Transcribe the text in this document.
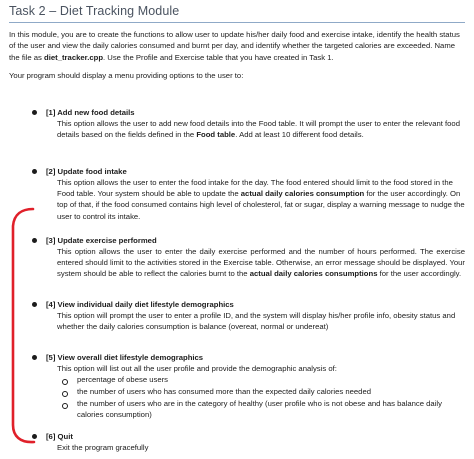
Task 2 – Diet Tracking Module

In this module, you are to create the functions to allow user to update his/her daily food and exercise intake, identify the health status of the user and view the daily calories consumed and burnt per day, and identify whether the targeted calories are exceeded. Name the file as diet_tracker.cpp. Use the Profile and Exercise table that you have created in Task 1.

Your program should display a menu providing options to the user to:

[1] Add new food details
This option allows the user to add new food details into the Food table. It will prompt the user to enter the relevant food details based on the fields defined in the Food table. Add at least 10 different food details.
[2] Update food intake
This option allows the user to enter the food intake for the day. The food entered should limit to the food stored in the Food table. Your system should be able to update the actual daily calories consumption for the user accordingly. On top of that, if the food consumed contains high level of cholesterol, fat or sugar, display a warning message to nudge the user to control its intake.
[3] Update exercise performed
This option allows the user to enter the daily exercise performed and the number of hours performed. The exercise entered should limit to the activities stored in the Exercise table. Otherwise, an error message should be displayed. Your system should be able to reflect the calories burnt to the actual daily calories consumptions for the user accordingly.
[4] View individual daily diet lifestyle demographics
This option will prompt the user to enter a profile ID, and the system will display his/her profile info, obesity status and whether the daily calories consumption is balance (overeat, normal or undereat)
[5] View overall diet lifestyle demographics
This option will list out all the user profile and provide the demographic analysis of:
percentage of obese users
the number of users who has consumed more than the expected daily calories needed
the number of users who are in the category of healthy (user profile who is not obese and has balance daily calories consumption)
[6] Quit
Exit the program gracefully
